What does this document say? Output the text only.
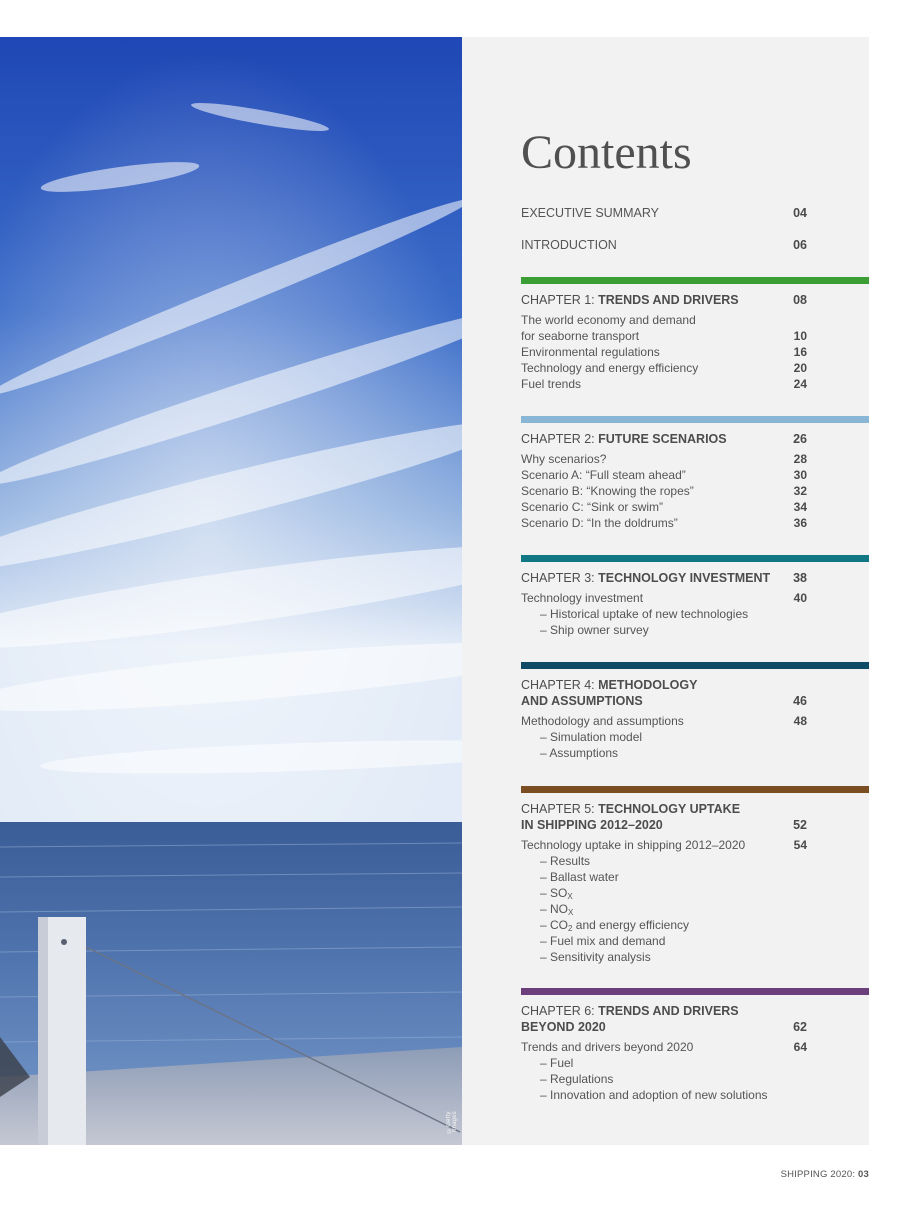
©Getty Images
Contents
EXECUTIVE SUMMARY	04
INTRODUCTION	06
CHAPTER 1: TRENDS AND DRIVERS	08
The world economy and demand
for seaborne transport	10
Environmental regulations	16
Technology and energy efficiency	20
Fuel trends	24
CHAPTER 2: FUTURE SCENARIOS	26
Why scenarios?	28
Scenario A: “Full steam ahead”	30
Scenario B: “Knowing the ropes”	32
Scenario C: “Sink or swim”	34
Scenario D: “In the doldrums”	36
CHAPTER 3: TECHNOLOGY INVESTMENT 38
Technology investment	40
– Historical uptake of new technologies
– Ship owner survey
CHAPTER 4: METHODOLOGY
AND ASSUMPTIONS	46
Methodology and assumptions	48
– Simulation model
– Assumptions
CHAPTER 5: TECHNOLOGY UPTAKE
IN SHIPPING 2012–2020	52
Technology uptake in shipping 2012–2020	54
– Results
– Ballast water
– $SO_X$
– $NO_X$
– $CO_2$ and energy efficiency
– Fuel mix and demand
– Sensitivity analysis
CHAPTER 6: TRENDS AND DRIVERS
BEYOND 2020	62
Trends and drivers beyond 2020	64
– Fuel
– Regulations
– Innovation and adoption of new solutions
SHIPPING 2020: 03
